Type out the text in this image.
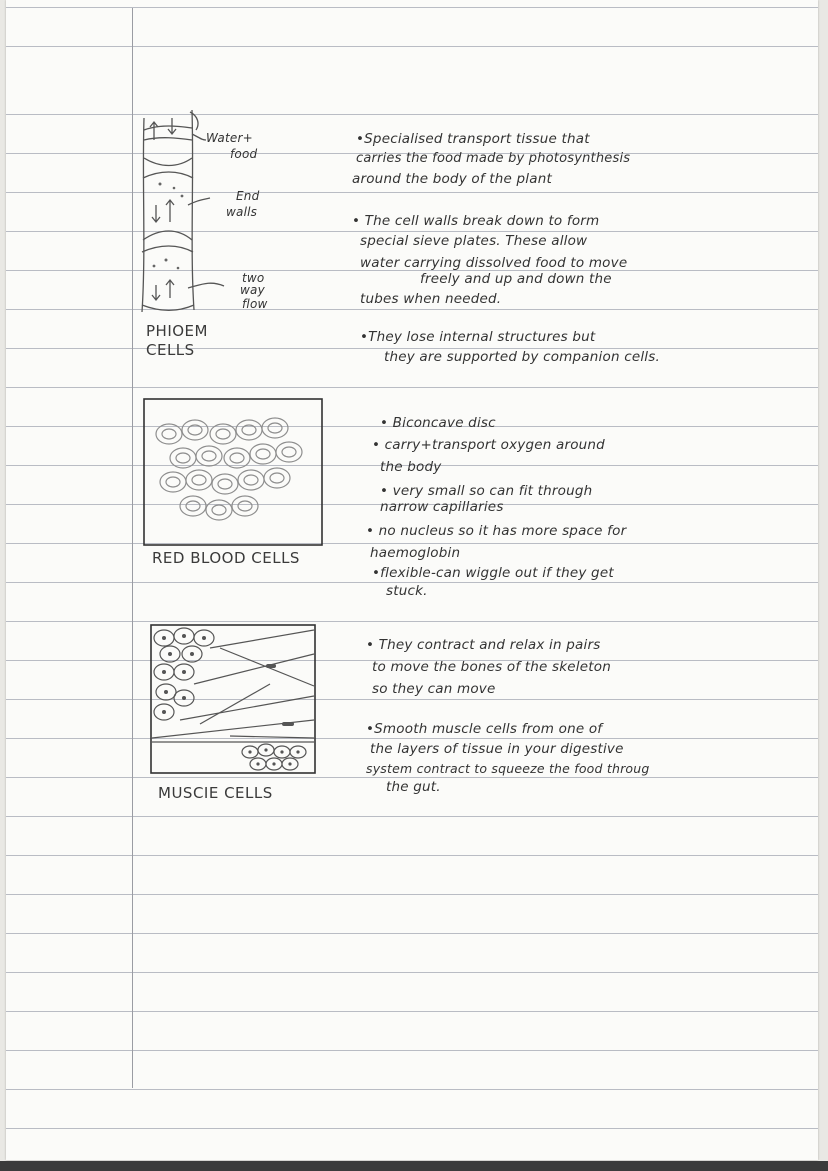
Water+
food
End
walls
two
way
flow
PHIOEM
CELLS
•Specialised transport tissue that
carries the food made by photosynthesis
around the body of the plant
• The cell walls break down to form
special sieve plates. These allow
water carrying dissolved food to move
freely and up and down the
tubes when needed.
•They lose internal structures but
they are supported by companion cells.
RED BLOOD CELLS
• Biconcave disc
• carry+transport oxygen around
the body
• very small so can fit through
narrow capillaries
• no nucleus so it has more space for
haemoglobin
•flexible-can wiggle out if they get
stuck.
MUSCIE CELLS
• They contract and relax in pairs
to move the bones of the skeleton
so they can move
•Smooth muscle cells from one of
the layers of tissue in your digestive
system contract to squeeze the food throug
the gut.
